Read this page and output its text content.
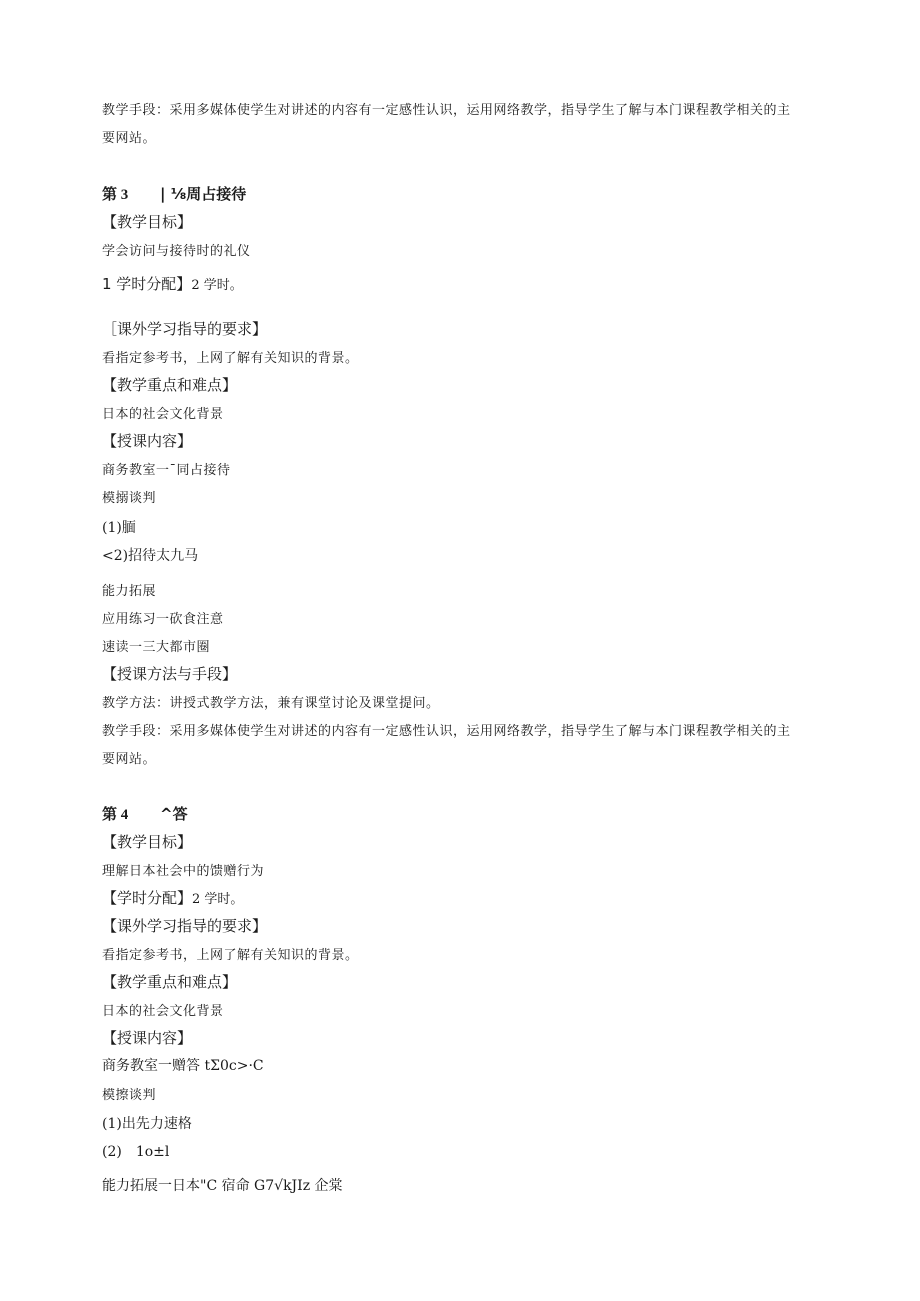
教学手段：采用多媒体使学生对讲述的内容有一定感性认识，运用网络教学，指导学生了解与本门课程教学相关的主
要网站。
第 3 | ⅛周占接待
【教学目标】
学会访问与接待时的礼仪
1 学时分配】2 学时。
［课外学习指导的要求】
看指定参考书，上网了解有关知识的背景。
【教学重点和难点】
日本的社会文化背景
【授课内容】
商务教室一ˉ同占接待
模搦谈判
(1)腼
<2)招待太九马
能力拓展
应用练习一砍食注意
速读一三大都市圈
【授课方法与手段】
教学方法：讲授式教学方法，兼有课堂讨论及课堂提问。
教学手段：采用多媒体使学生对讲述的内容有一定感性认识，运用网络教学，指导学生了解与本门课程教学相关的主
要网站。
第 4 ^答
【教学目标】
理解日本社会中的馈赠行为
【学时分配】2 学时。
【课外学习指导的要求】
看指定参考书，上网了解有关知识的背景。
【教学重点和难点】
日本的社会文化背景
【授课内容】
商务教室一赠答 tΣ0c>·C
模擦谈判
(1)出先力速格
(2)　1o±l
能力拓展一日本"C 宿命 G7√kJIz 企棠
